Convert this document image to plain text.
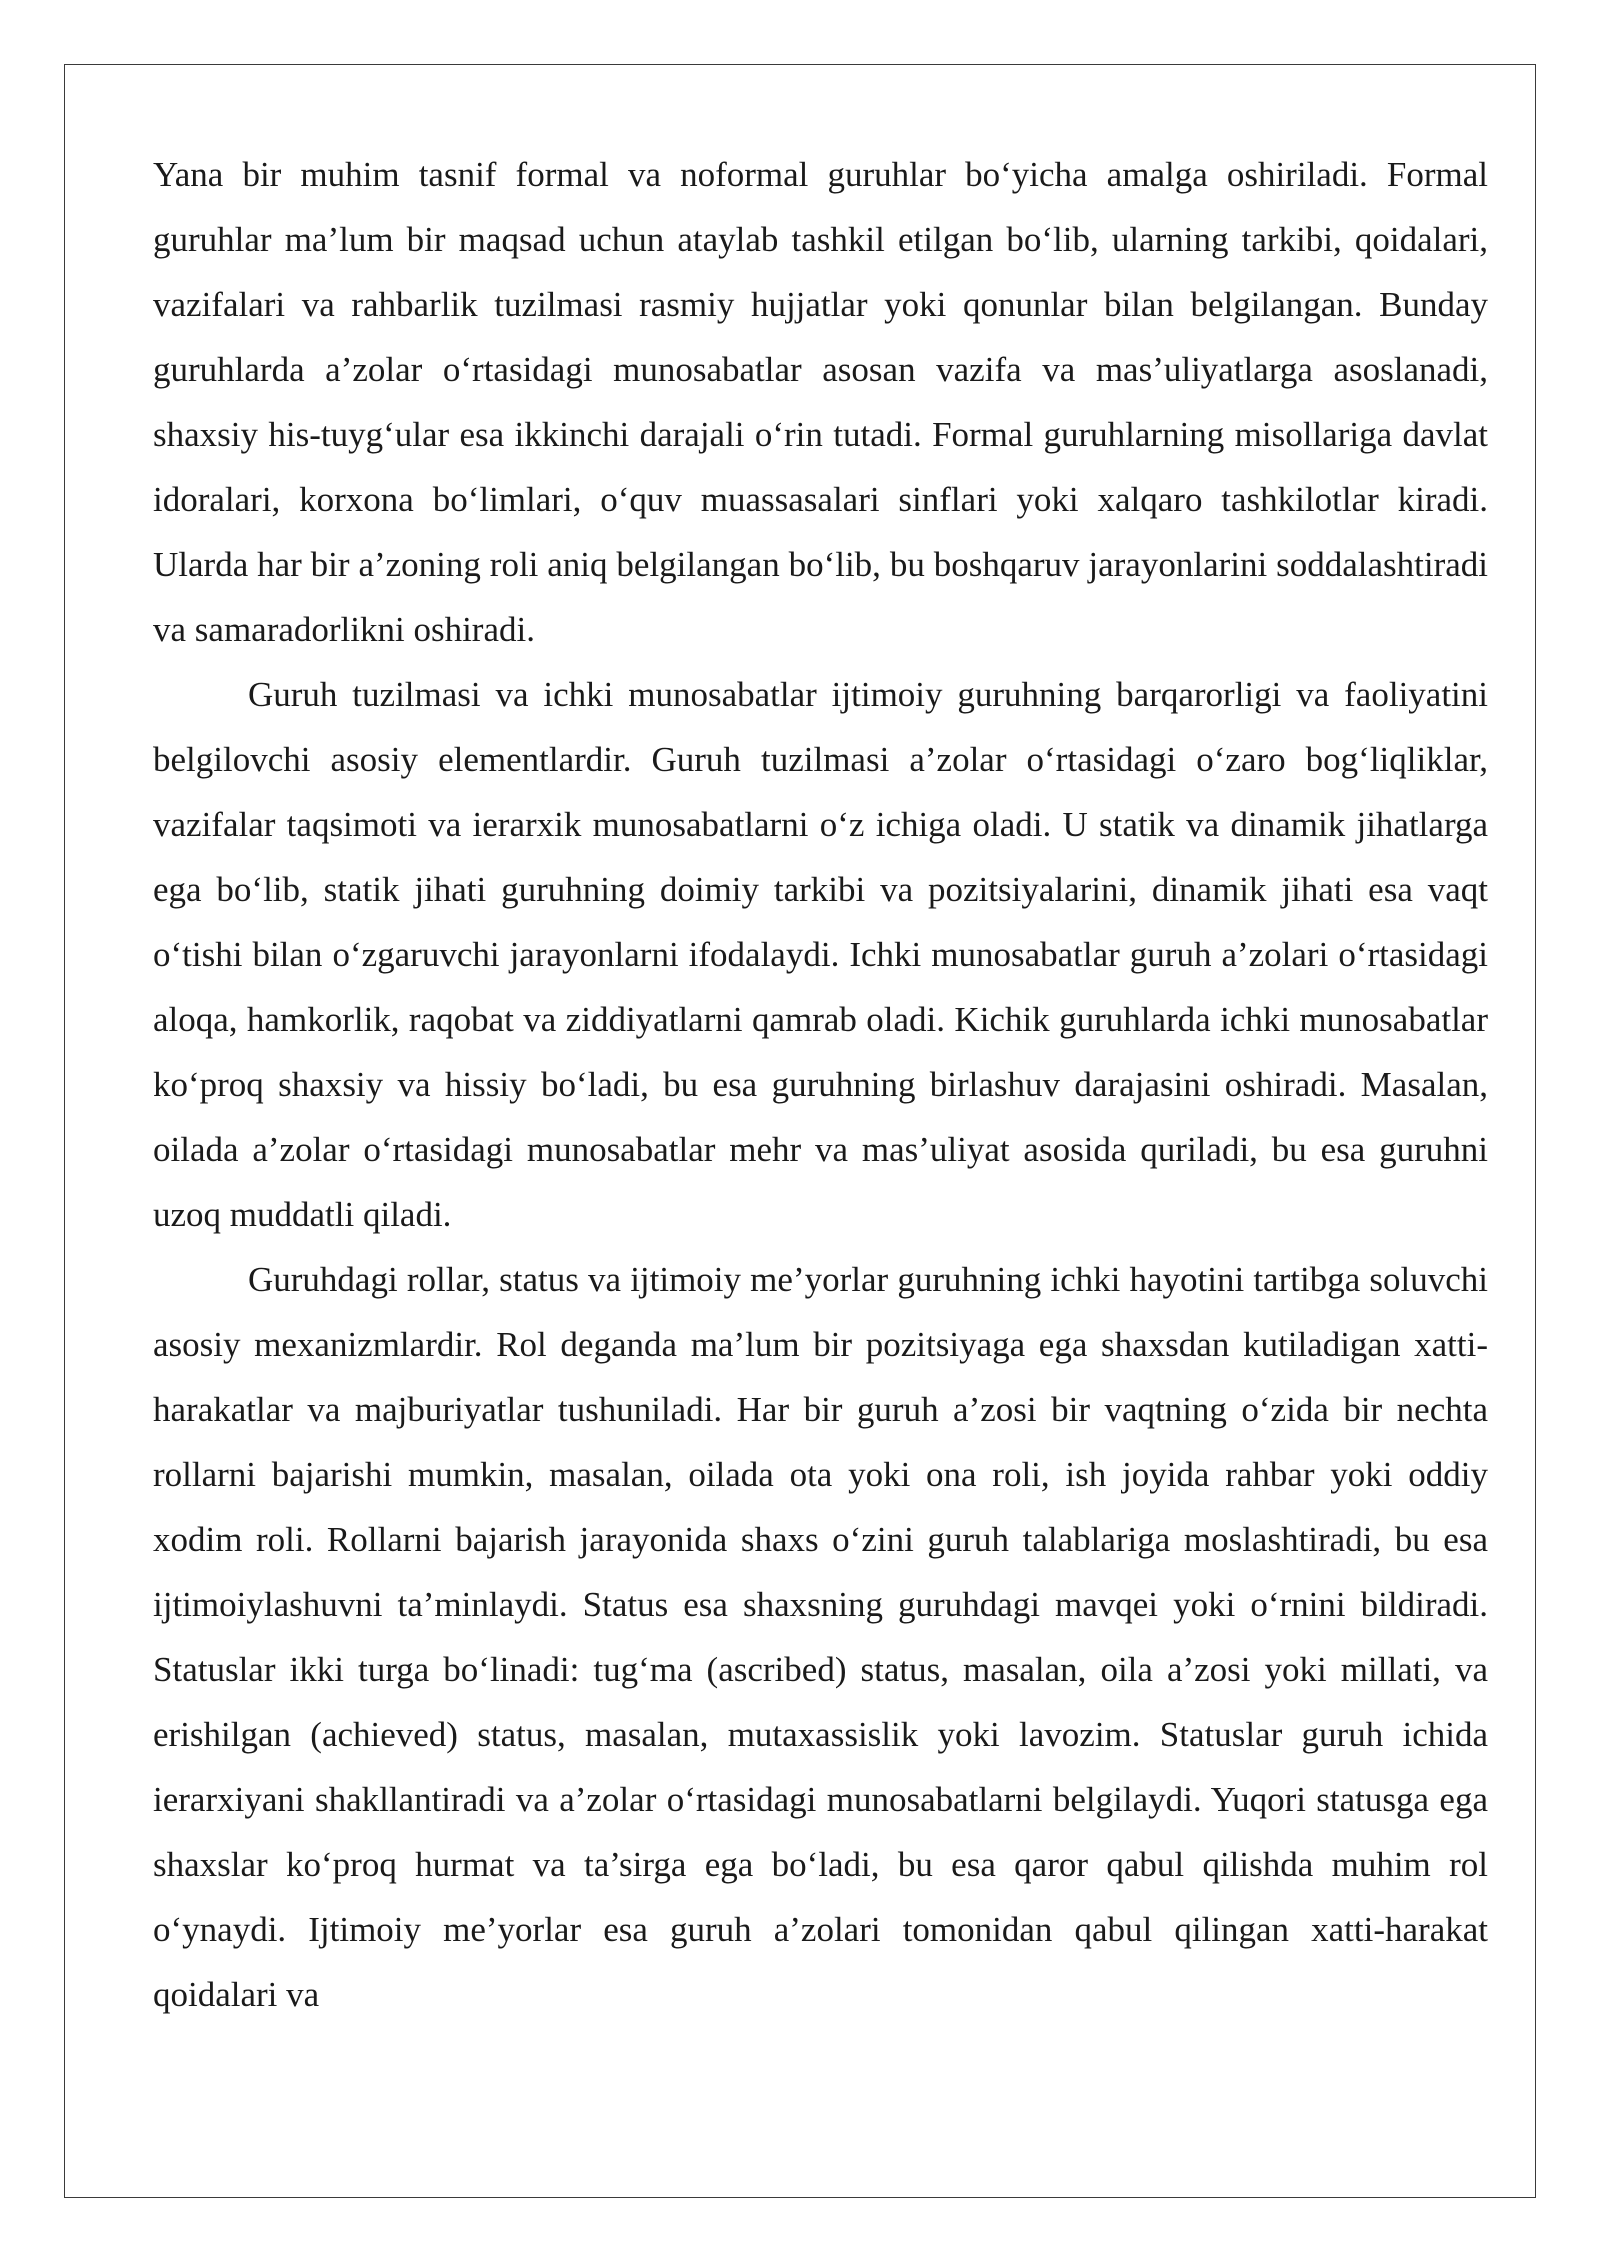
Yana bir muhim tasnif formal va noformal guruhlar bo‘yicha amalga oshiriladi. Formal guruhlar ma’lum bir maqsad uchun ataylab tashkil etilgan bo‘lib, ularning tarkibi, qoidalari, vazifalari va rahbarlik tuzilmasi rasmiy hujjatlar yoki qonunlar bilan belgilangan. Bunday guruhlarda a’zolar o‘rtasidagi munosabatlar asosan vazifa va mas’uliyatlarga asoslanadi, shaxsiy his-tuyg‘ular esa ikkinchi darajali o‘rin tutadi. Formal guruhlarning misollariga davlat idoralari, korxona bo‘limlari, o‘quv muassasalari sinflari yoki xalqaro tashkilotlar kiradi. Ularda har bir a’zoning roli aniq belgilangan bo‘lib, bu boshqaruv jarayonlarini soddalashtiradi va samaradorlikni oshiradi.

Guruh tuzilmasi va ichki munosabatlar ijtimoiy guruhning barqarorligi va faoliyatini belgilovchi asosiy elementlardir. Guruh tuzilmasi a’zolar o‘rtasidagi o‘zaro bog‘liqliklar, vazifalar taqsimoti va ierarxik munosabatlarni o‘z ichiga oladi. U statik va dinamik jihatlarga ega bo‘lib, statik jihati guruhning doimiy tarkibi va pozitsiyalarini, dinamik jihati esa vaqt o‘tishi bilan o‘zgaruvchi jarayonlarni ifodalaydi. Ichki munosabatlar guruh a’zolari o‘rtasidagi aloqa, hamkorlik, raqobat va ziddiyatlarni qamrab oladi. Kichik guruhlarda ichki munosabatlar ko‘proq shaxsiy va hissiy bo‘ladi, bu esa guruhning birlashuv darajasini oshiradi. Masalan, oilada a’zolar o‘rtasidagi munosabatlar mehr va mas’uliyat asosida quriladi, bu esa guruhni uzoq muddatli qiladi.

Guruhdagi rollar, status va ijtimoiy me’yorlar guruhning ichki hayotini tartibga soluvchi asosiy mexanizmlardir. Rol deganda ma’lum bir pozitsiyaga ega shaxsdan kutiladigan xatti-harakatlar va majburiyatlar tushuniladi. Har bir guruh a’zosi bir vaqtning o‘zida bir nechta rollarni bajarishi mumkin, masalan, oilada ota yoki ona roli, ish joyida rahbar yoki oddiy xodim roli. Rollarni bajarish jarayonida shaxs o‘zini guruh talablariga moslashtiradi, bu esa ijtimoiylashuvni ta’minlaydi. Status esa shaxsning guruhdagi mavqei yoki o‘rnini bildiradi. Statuslar ikki turga bo‘linadi: tug‘ma (ascribed) status, masalan, oila a’zosi yoki millati, va erishilgan (achieved) status, masalan, mutaxassislik yoki lavozim. Statuslar guruh ichida ierarxiyani shakllantiradi va a’zolar o‘rtasidagi munosabatlarni belgilaydi. Yuqori statusga ega shaxslar ko‘proq hurmat va ta’sirga ega bo‘ladi, bu esa qaror qabul qilishda muhim rol o‘ynaydi. Ijtimoiy me’yorlar esa guruh a’zolari tomonidan qabul qilingan xatti-harakat qoidalari va
